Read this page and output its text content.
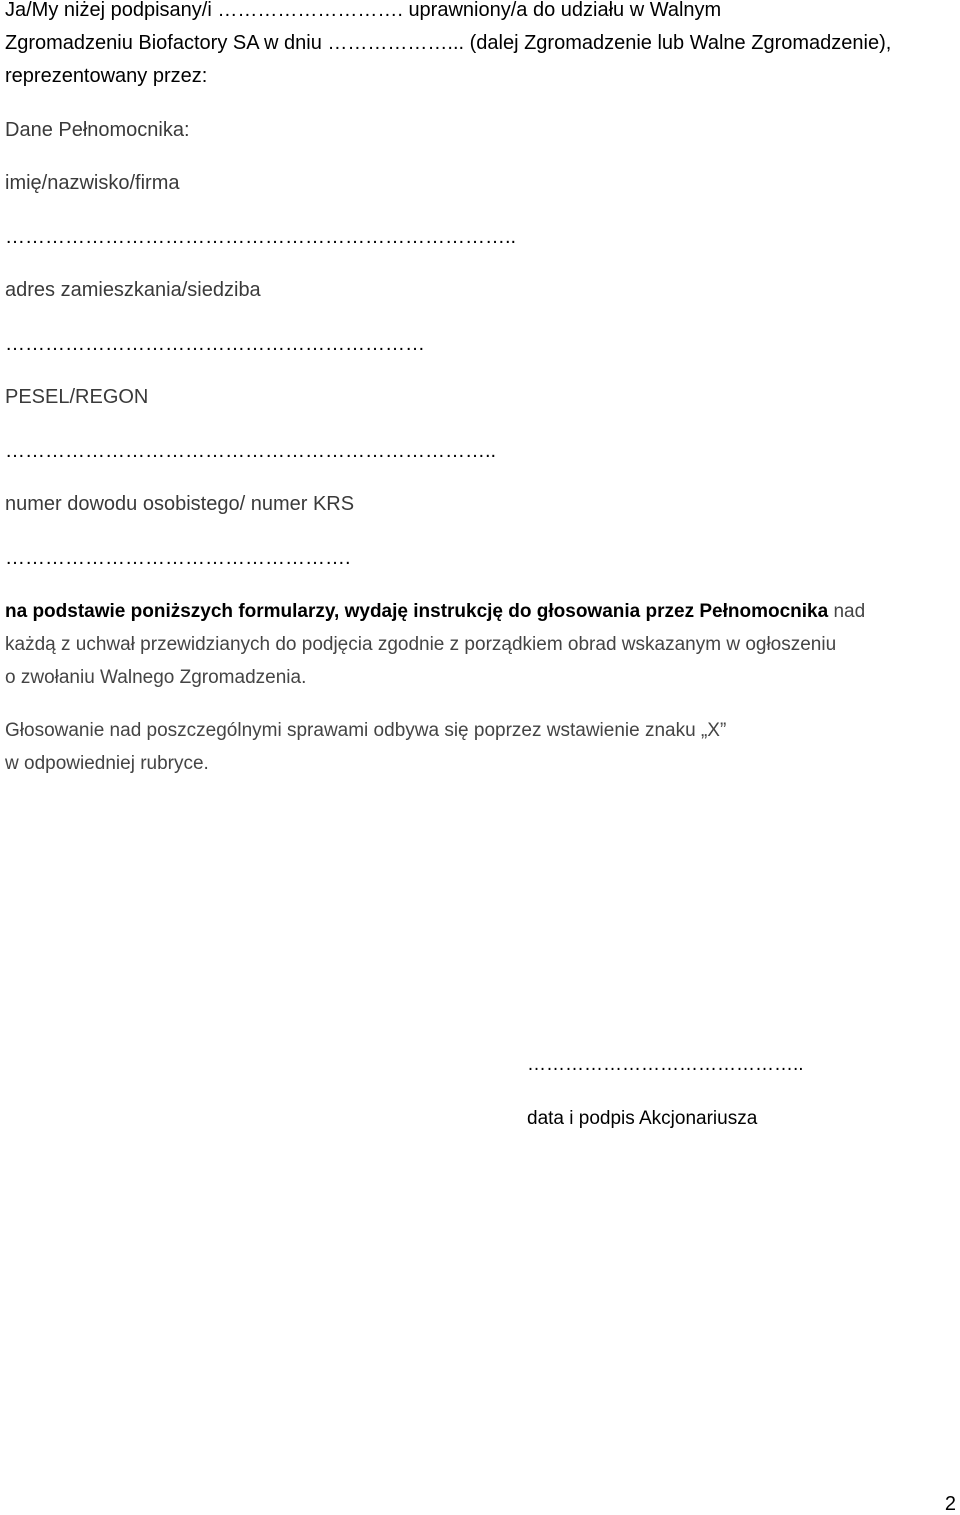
Ja/My niżej podpisany/i ………………………. uprawniony/a do udziału w Walnym
Zgromadzeniu Biofactory SA w dniu ………………... (dalej Zgromadzenie lub Walne Zgromadzenie),
reprezentowany przez:
Dane Pełnomocnika:
imię/nazwisko/firma
…………………………………………………………………..
adres zamieszkania/siedziba
………………………………………………………
PESEL/REGON
………………………………………………………………..
numer dowodu osobistego/ numer KRS
…………………………………………….
na podstawie poniższych formularzy, wydaję instrukcję do głosowania przez Pełnomocnika nad
każdą z uchwał przewidzianych do podjęcia zgodnie z porządkiem obrad wskazanym w ogłoszeniu
o zwołaniu Walnego Zgromadzenia.
Głosowanie nad poszczególnymi sprawami odbywa się poprzez wstawienie znaku „X”
w odpowiedniej rubryce.
……………………………………..
data i podpis Akcjonariusza
2
